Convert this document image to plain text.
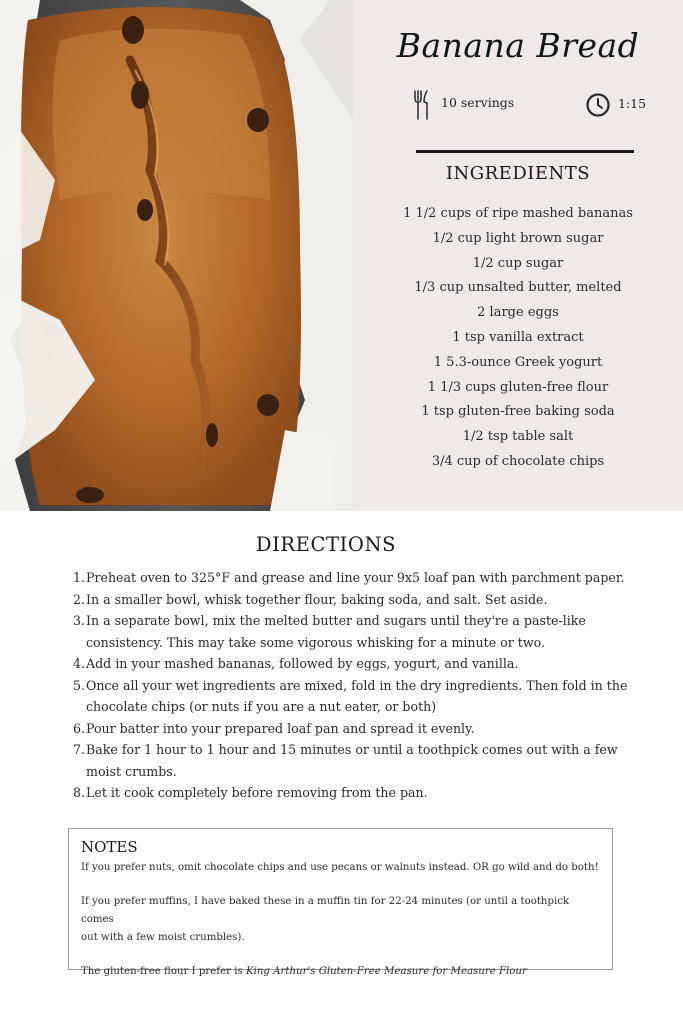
Banana Bread
10 servings	1:15
INGREDIENTS
1 1/2 cups of ripe mashed bananas
1/2 cup light brown sugar
1/2 cup sugar
1/3 cup unsalted butter, melted
2 large eggs
1 tsp vanilla extract
1 5.3-ounce Greek yogurt
1 1/3 cups gluten-free flour
1 tsp gluten-free baking soda
1/2 tsp table salt
3/4 cup of chocolate chips
DIRECTIONS
1. Preheat oven to 325°F and grease and line your 9x5 loaf pan with parchment paper.
2. In a smaller bowl, whisk together flour, baking soda, and salt. Set aside.
3. In a separate bowl, mix the melted butter and sugars until they're a paste-like
consistency. This may take some vigorous whisking for a minute or two.
4. Add in your mashed bananas, followed by eggs, yogurt, and vanilla.
5. Once all your wet ingredients are mixed, fold in the dry ingredients. Then fold in the
chocolate chips (or nuts if you are a nut eater, or both)
6. Pour batter into your prepared loaf pan and spread it evenly.
7. Bake for 1 hour to 1 hour and 15 minutes or until a toothpick comes out with a few
moist crumbs.
8. Let it cook completely before removing from the pan.
NOTES

If you prefer nuts, omit chocolate chips and use pecans or walnuts instead. OR go wild and do both!

If you prefer muffins, I have baked these in a muffin tin for 22-24 minutes (or until a toothpick comes
out with a few moist crumbles).

The gluten-free flour I prefer is King Arthur's Gluten-Free Measure for Measure Flour
